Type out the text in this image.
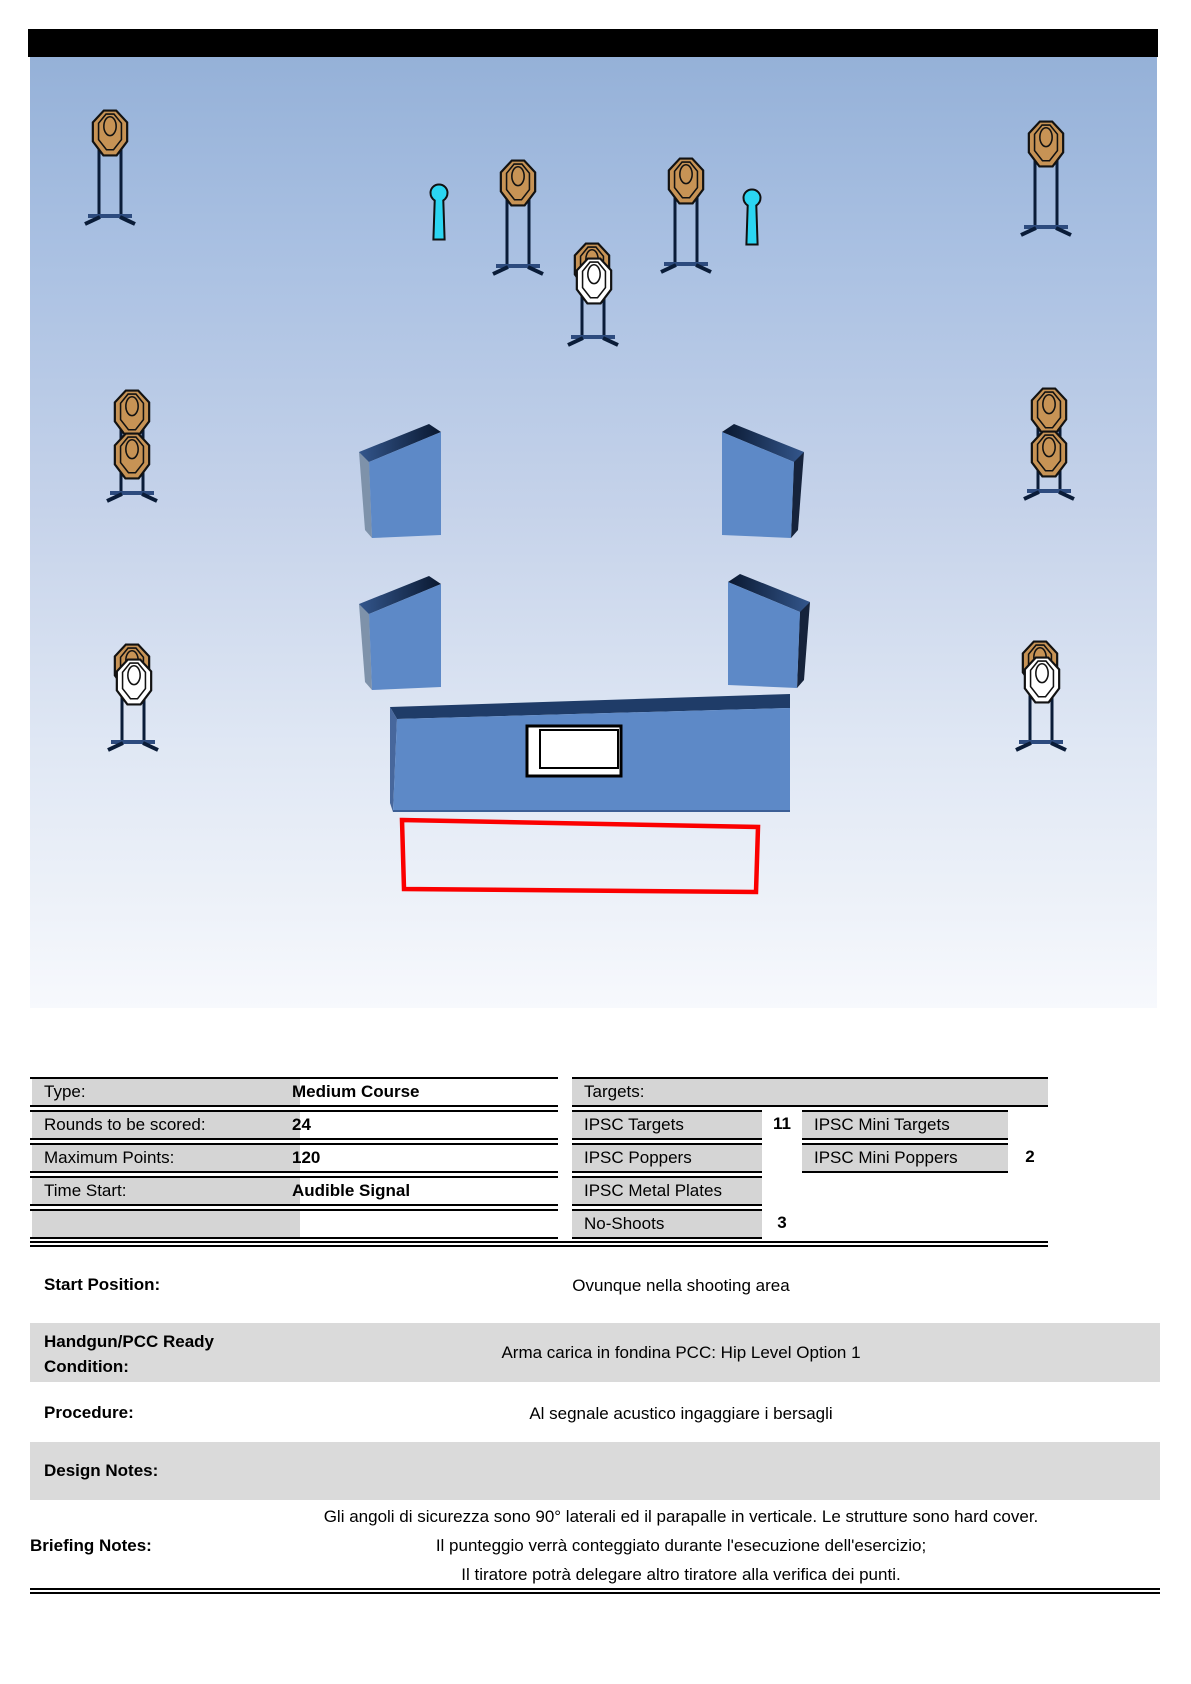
Type:	Medium Course
Rounds to be scored:	24
Maximum Points:	120
Time Start:	Audible Signal
Targets:
IPSC Targets	11	IPSC Mini Targets
IPSC Poppers	IPSC Mini Poppers	2
IPSC Metal Plates
No-Shoots	3
Start Position:	Ovunque nella shooting area
Handgun/PCC Ready
Condition:
Arma carica in fondina PCC: Hip Level Option 1
Procedure:	Al segnale acustico ingaggiare i bersagli
Design Notes:
Briefing Notes:
Gli angoli di sicurezza sono 90° laterali ed il parapalle in verticale. Le strutture sono hard cover.
Il punteggio verrà conteggiato durante l'esecuzione dell'esercizio;
Il tiratore potrà delegare altro tiratore alla verifica dei punti.
